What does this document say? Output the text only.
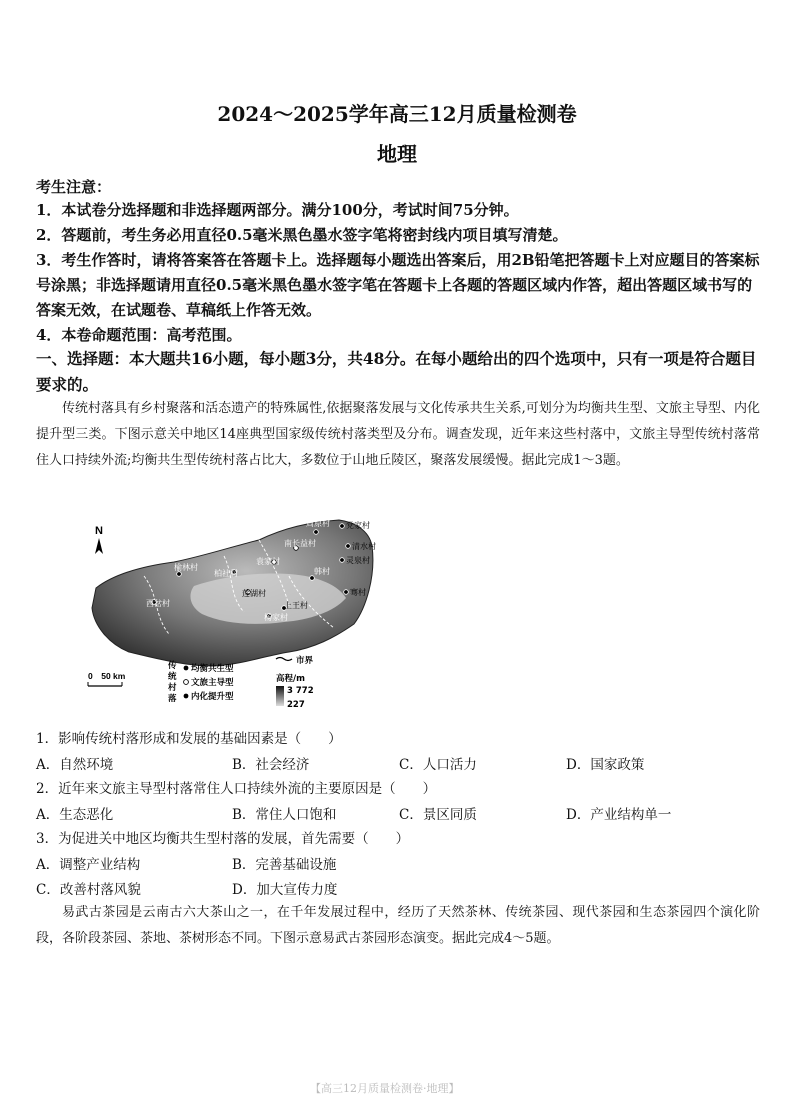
2024～2025学年高三12月质量检测卷
地理
考生注意：
1．本试卷分选择题和非选择题两部分。满分100分，考试时间75分钟。
2．答题前，考生务必用直径0.5毫米黑色墨水签字笔将密封线内项目填写清楚。
3．考生作答时，请将答案答在答题卡上。选择题每小题选出答案后，用2B铅笔把答题卡上对应题目的答案标号涂黑；非选择题请用直径0.5毫米黑色墨水签字笔在答题卡上各题的答题区域内作答，超出答题区域书写的答案无效，在试题卷、草稿纸上作答无效。
4．本卷命题范围：高考范围。
一、选择题：本大题共16小题，每小题3分，共48分。在每小题给出的四个选项中，只有一项是符合题目要求的。
传统村落具有乡村聚落和活态遗产的特殊属性,依据聚落发展与文化传承共生关系,可划分为均衡共生型、文旅主导型、内化提升型三类。下图示意关中地区14座典型国家级传统村落类型及分布。调查发现，近年来这些村落中，文旅主导型传统村落常住人口持续外流;均衡共生型传统村落占比大，多数位于山地丘陵区，聚落发展缓慢。据此完成1～3题。
N	党家村
周原村
南长益村	清水村
灵泉村
柏社村
袁家村
莲湖村
西岔村
骞村
上王村
杨家村
榆林村	韩村
0　50 km
传
统
村
落
均衡共生型
文旅主导型
内化提升型
市界
高程/m
3 772
227
1．影响传统村落形成和发展的基础因素是（　　）
A．自然环境	B．社会经济	C．人口活力	D．国家政策
2．近年来文旅主导型村落常住人口持续外流的主要原因是（　　）
A．生态恶化	B．常住人口饱和	C．景区同质	D．产业结构单一
3．为促进关中地区均衡共生型村落的发展，首先需要（　　）
A．调整产业结构	B．完善基础设施
C．改善村落风貌	D．加大宣传力度
易武古茶园是云南古六大茶山之一，在千年发展过程中，经历了天然茶林、传统茶园、现代茶园和生态茶园四个演化阶段，各阶段茶园、茶地、茶树形态不同。下图示意易武古茶园形态演变。据此完成4～5题。
【高三12月质量检测卷·地理】
